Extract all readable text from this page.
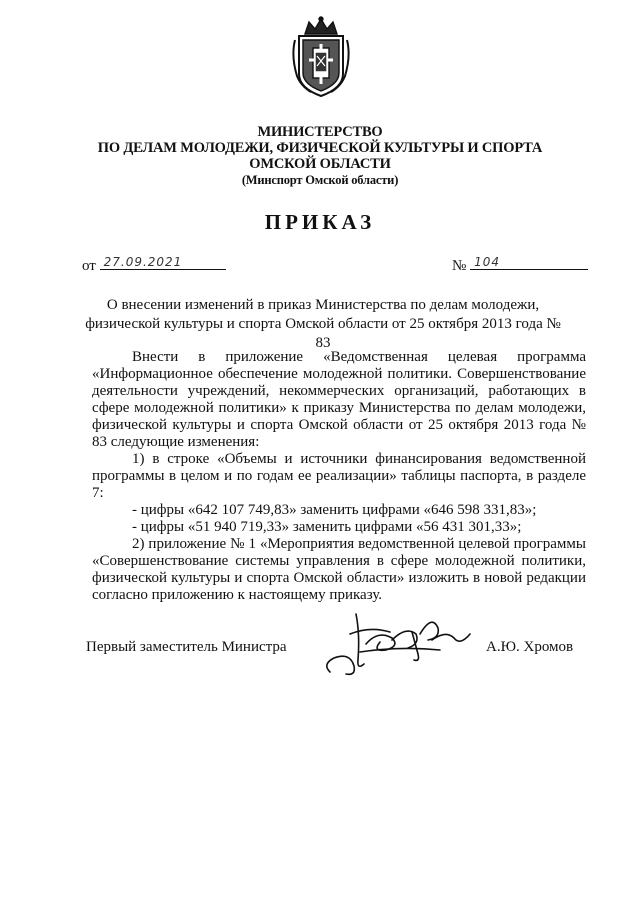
МИНИСТЕРСТВО
ПО ДЕЛАМ МОЛОДЕЖИ, ФИЗИЧЕСКОЙ КУЛЬТУРЫ И СПОРТА
ОМСКОЙ ОБЛАСТИ
(Минспорт Омской области)
ПРИКАЗ
от 27.09.2021	№ 104
О внесении изменений в приказ Министерства по делам молодежи, физической культуры и спорта Омской области от 25 октября 2013 года № 83

Внести в приложение «Ведомственная целевая программа «Информационное обеспечение молодежной политики. Совершенствование деятельности учреждений, некоммерческих организаций, работающих в сфере молодежной политики» к приказу Министерства по делам молодежи, физической культуры и спорта Омской области от 25 октября 2013 года № 83 следующие изменения:

1) в строке «Объемы и источники финансирования ведомственной программы в целом и по годам ее реализации» таблицы паспорта, в разделе 7:

- цифры «642 107 749,83» заменить цифрами «646 598 331,83»;

- цифры «51 940 719,33» заменить цифрами «56 431 301,33»;

2) приложение № 1 «Мероприятия ведомственной целевой программы «Совершенствование системы управления в сфере молодежной политики, физической культуры и спорта Омской области» изложить в новой редакции согласно приложению к настоящему приказу.

Первый заместитель Министра	А.Ю. Хромов
